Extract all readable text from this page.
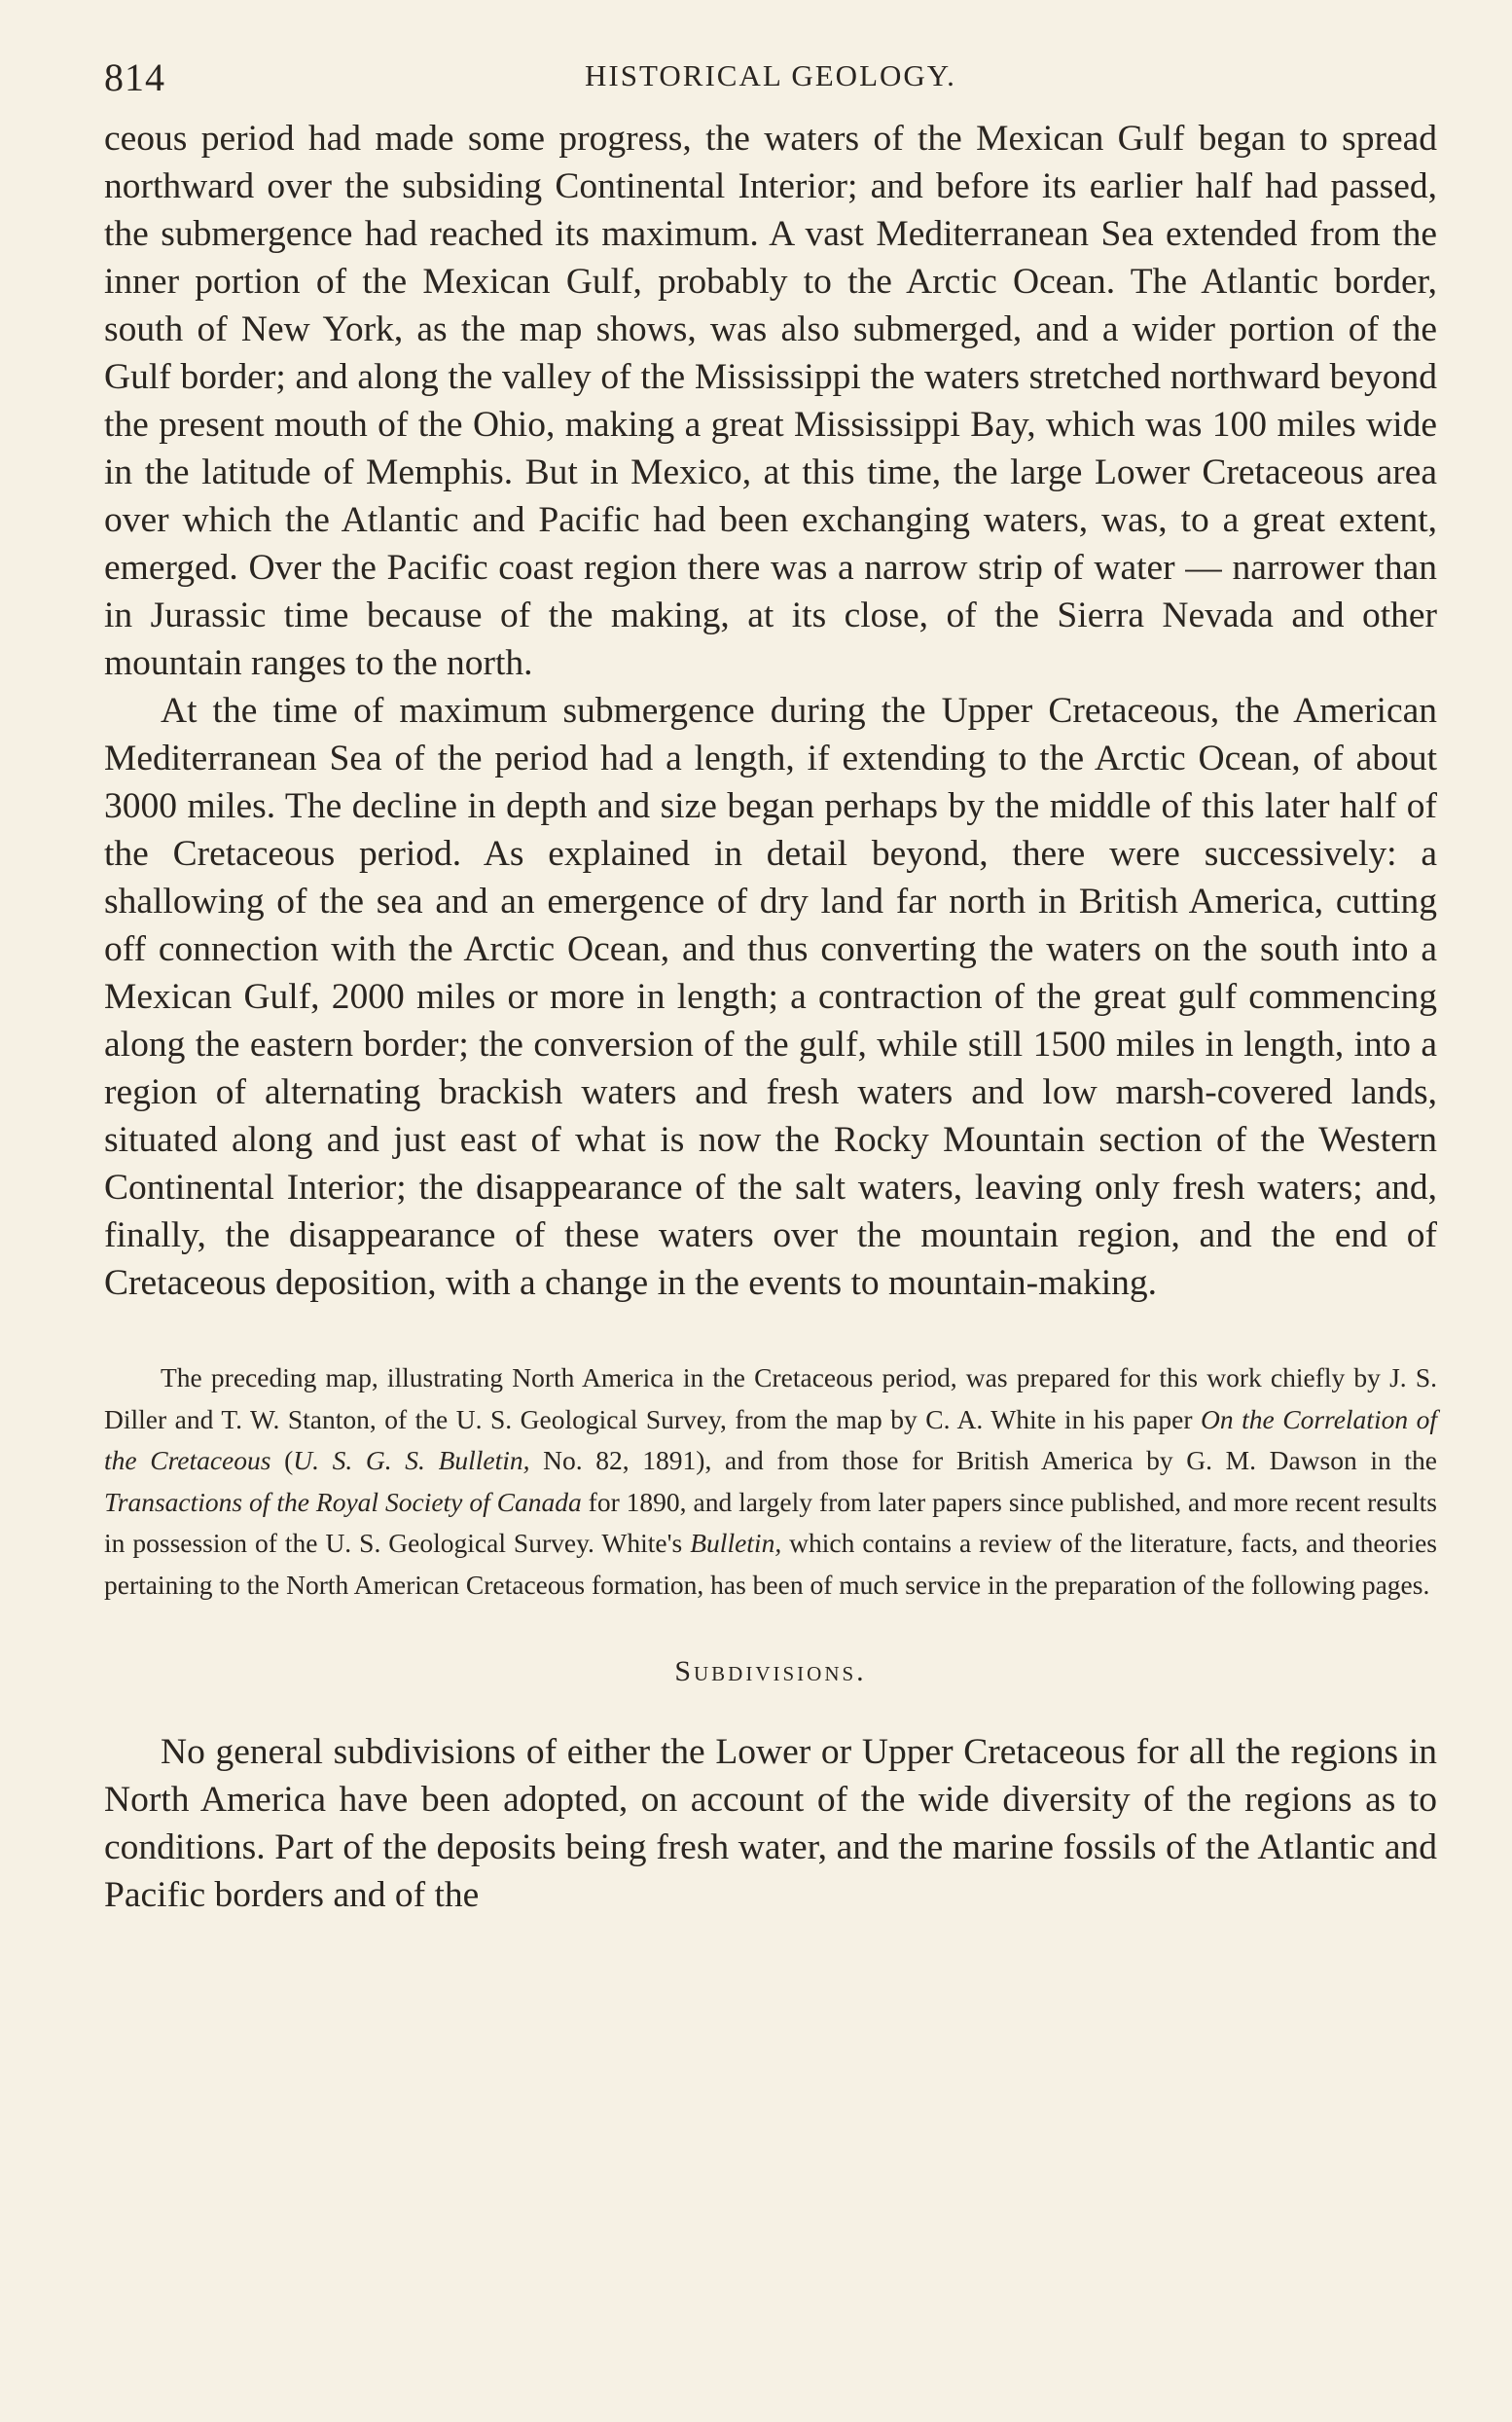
814	HISTORICAL GEOLOGY.

ceous period had made some progress, the waters of the Mexican Gulf began to spread northward over the subsiding Continental Interior; and before its earlier half had passed, the submergence had reached its maximum. A vast Mediterranean Sea extended from the inner portion of the Mexican Gulf, probably to the Arctic Ocean. The Atlantic border, south of New York, as the map shows, was also submerged, and a wider portion of the Gulf border; and along the valley of the Mississippi the waters stretched northward beyond the present mouth of the Ohio, making a great Mississippi Bay, which was 100 miles wide in the latitude of Memphis. But in Mexico, at this time, the large Lower Cretaceous area over which the Atlantic and Pacific had been exchanging waters, was, to a great extent, emerged. Over the Pacific coast region there was a narrow strip of water — narrower than in Jurassic time because of the making, at its close, of the Sierra Nevada and other mountain ranges to the north.

At the time of maximum submergence during the Upper Cretaceous, the American Mediterranean Sea of the period had a length, if extending to the Arctic Ocean, of about 3000 miles. The decline in depth and size began perhaps by the middle of this later half of the Cretaceous period. As explained in detail beyond, there were successively: a shallowing of the sea and an emergence of dry land far north in British America, cutting off connection with the Arctic Ocean, and thus converting the waters on the south into a Mexican Gulf, 2000 miles or more in length; a contraction of the great gulf commencing along the eastern border; the conversion of the gulf, while still 1500 miles in length, into a region of alternating brackish waters and fresh waters and low marsh-covered lands, situated along and just east of what is now the Rocky Mountain section of the Western Continental Interior; the disappearance of the salt waters, leaving only fresh waters; and, finally, the disappearance of these waters over the mountain region, and the end of Cretaceous deposition, with a change in the events to mountain-making.

The preceding map, illustrating North America in the Cretaceous period, was prepared for this work chiefly by J. S. Diller and T. W. Stanton, of the U. S. Geological Survey, from the map by C. A. White in his paper On the Correlation of the Cretaceous (U. S. G. S. Bulletin, No. 82, 1891), and from those for British America by G. M. Dawson in the Transactions of the Royal Society of Canada for 1890, and largely from later papers since published, and more recent results in possession of the U. S. Geological Survey. White's Bulletin, which contains a review of the literature, facts, and theories pertaining to the North American Cretaceous formation, has been of much service in the preparation of the following pages.

Subdivisions.

No general subdivisions of either the Lower or Upper Cretaceous for all the regions in North America have been adopted, on account of the wide diversity of the regions as to conditions. Part of the deposits being fresh water, and the marine fossils of the Atlantic and Pacific borders and of the
